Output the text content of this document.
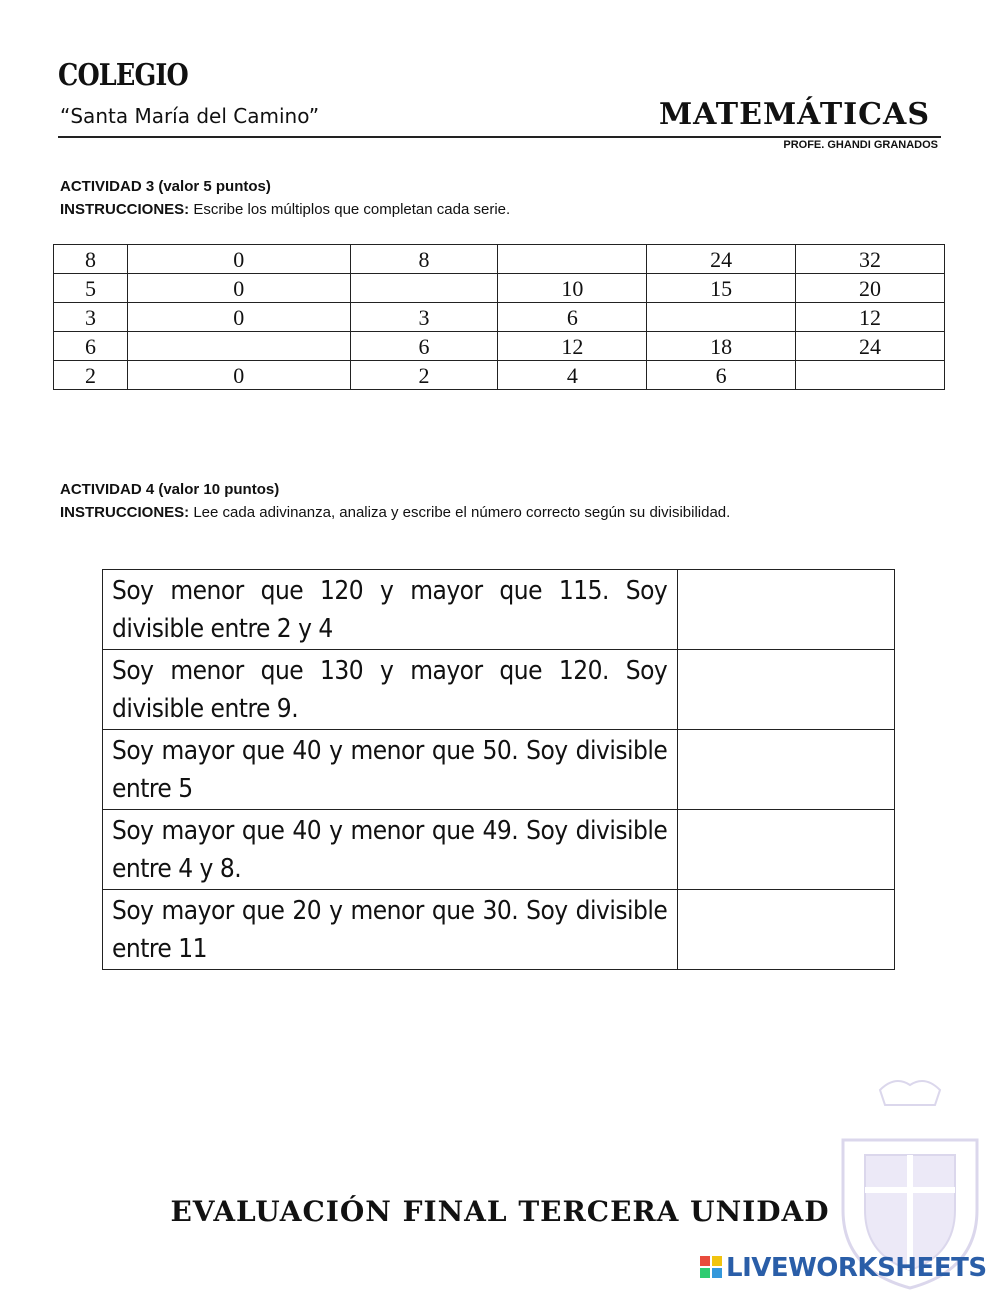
COLEGIO
“Santa María del Camino”	MATEMÁTICAS
PROFE. GHANDI GRANADOS
ACTIVIDAD 3 (valor 5 puntos)
INSTRUCCIONES: Escribe los múltiplos que completan cada serie.
8	0	8		24	32
5	0		10	15	20
3	0	3	6		12
6		6	12	18	24
2	0	2	4	6	
ACTIVIDAD 4 (valor 10 puntos)
INSTRUCCIONES: Lee cada adivinanza, analiza y escribe el número correcto según su divisibilidad.
Soy menor que 120 y mayor que 115. Soy divisible entre 2 y 4	
Soy menor que 130 y mayor que 120. Soy divisible entre 9.	
Soy mayor que 40 y menor que 50. Soy divisible entre 5	
Soy mayor que 40 y menor que 49. Soy divisible entre 4 y 8.	
Soy mayor que 20 y menor que 30. Soy divisible entre 11	
EVALUACIÓN FINAL TERCERA UNIDAD
LIVEWORKSHEETS
